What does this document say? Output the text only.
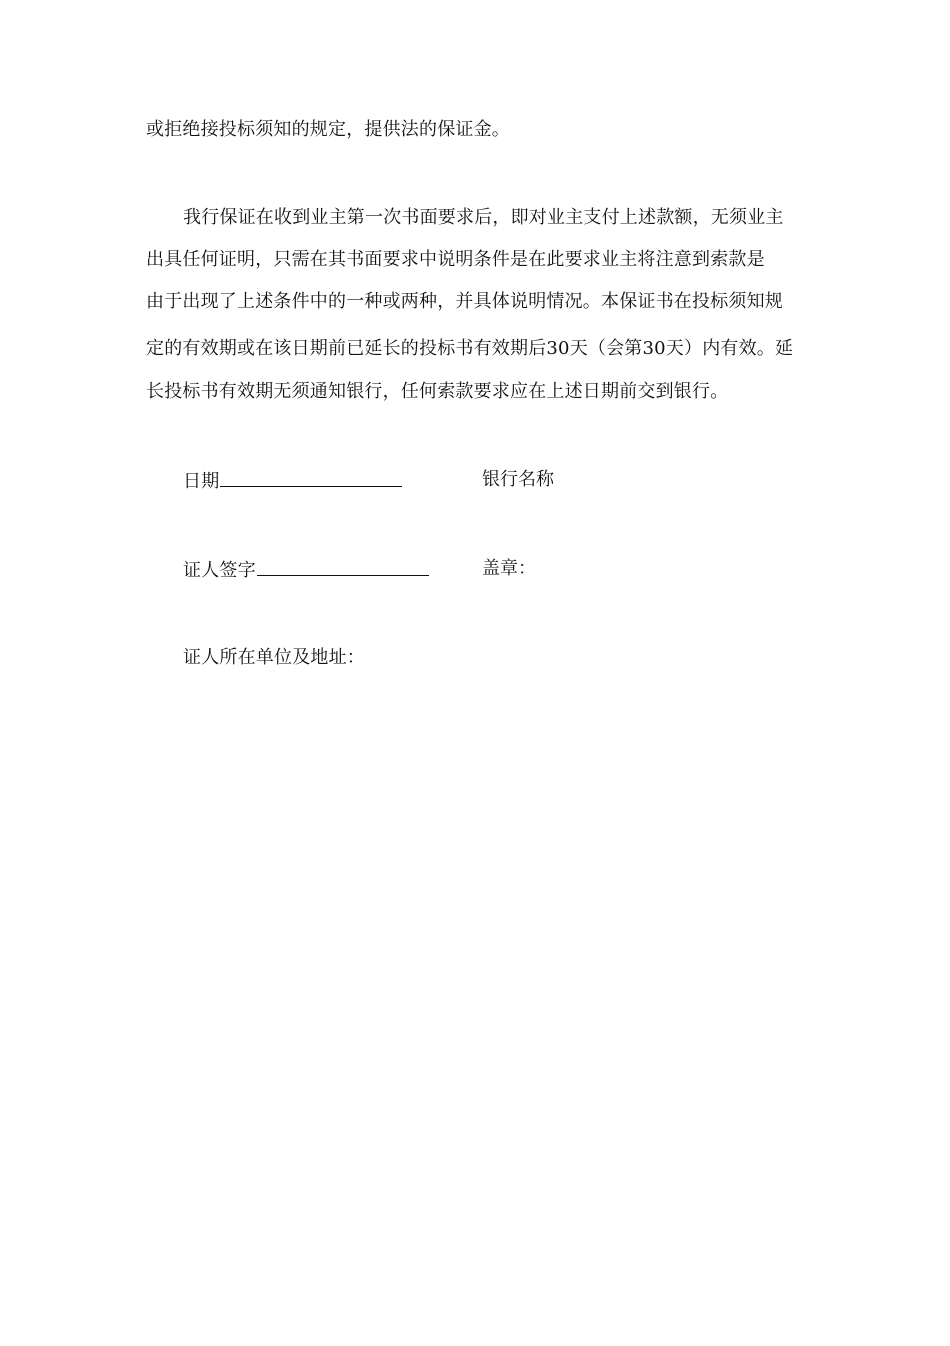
或拒绝接投标须知的规定，提供法的保证金。
我行保证在收到业主第一次书面要求后，即对业主支付上述款额，无须业主
出具任何证明，只需在其书面要求中说明条件是在此要求业主将注意到索款是
由于出现了上述条件中的一种或两种，并具体说明情况。本保证书在投标须知规
定的有效期或在该日期前已延长的投标书有效期后30天（会第30天）内有效。延
长投标书有效期无须通知银行，任何索款要求应在上述日期前交到银行。
日期	银行名称
证人签字	盖章：
证人所在单位及地址：
